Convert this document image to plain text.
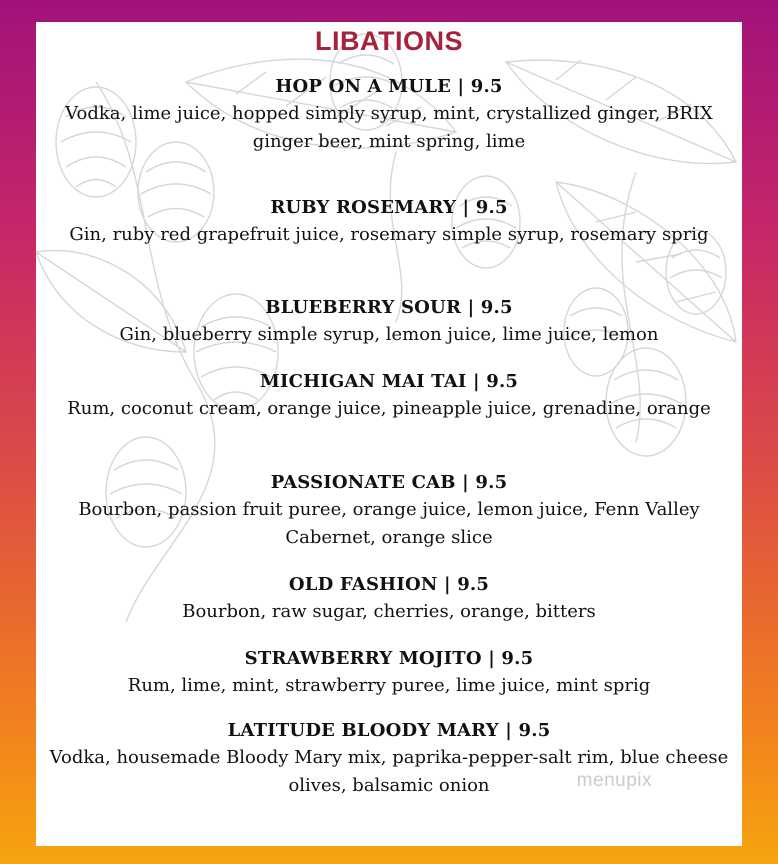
LIBATIONS
HOP ON A MULE | 9.5
Vodka, lime juice, hopped simply syrup, mint, crystallized ginger, BRIX ginger beer, mint spring, lime
RUBY ROSEMARY | 9.5
Gin, ruby red grapefruit juice, rosemary simple syrup, rosemary sprig
BLUEBERRY SOUR | 9.5
Gin, blueberry simple syrup, lemon juice, lime juice, lemon
MICHIGAN MAI TAI | 9.5
Rum, coconut cream, orange juice, pineapple juice, grenadine, orange
PASSIONATE CAB | 9.5
Bourbon, passion fruit puree, orange juice, lemon juice, Fenn Valley Cabernet, orange slice
OLD FASHION | 9.5
Bourbon, raw sugar, cherries, orange, bitters
STRAWBERRY MOJITO | 9.5
Rum, lime, mint, strawberry puree, lime juice, mint sprig
LATITUDE BLOODY MARY | 9.5
Vodka, housemade Bloody Mary mix, paprika-pepper-salt rim, blue cheese olives, balsamic onion	menupix
